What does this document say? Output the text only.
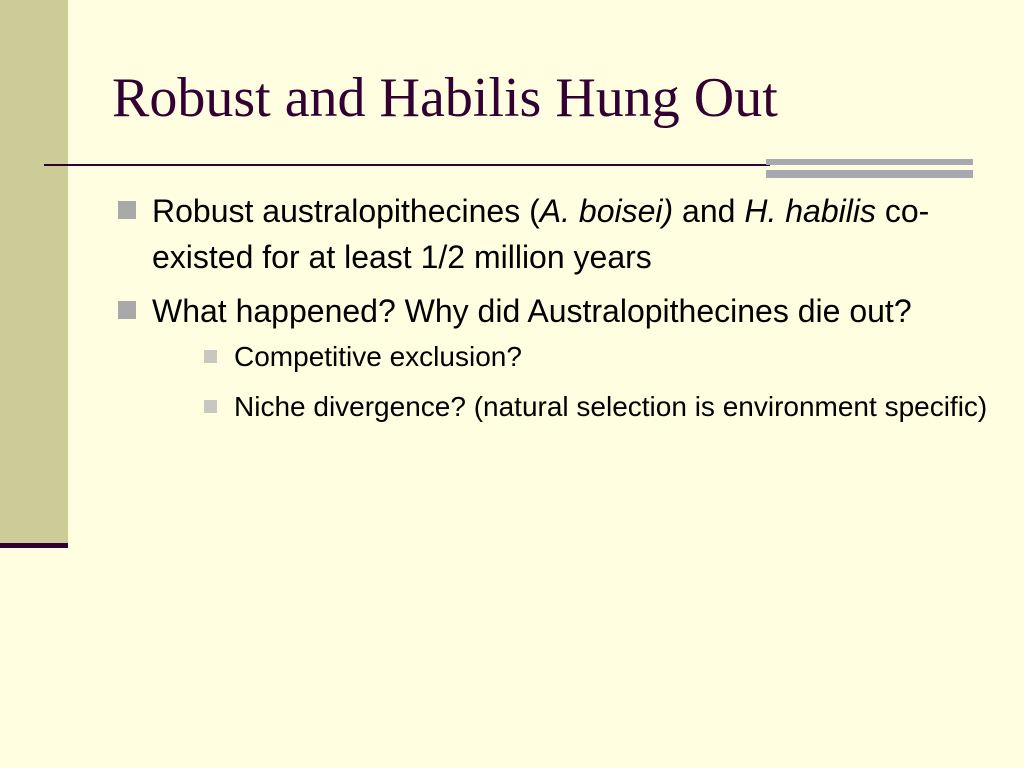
Robust and Habilis Hung Out
Robust australopithecines (A. boisei) and H. habilis co-existed for at least 1/2 million years
What happened? Why did Australopithecines die out?
Competitive exclusion?
Niche divergence? (natural selection is environment specific)
